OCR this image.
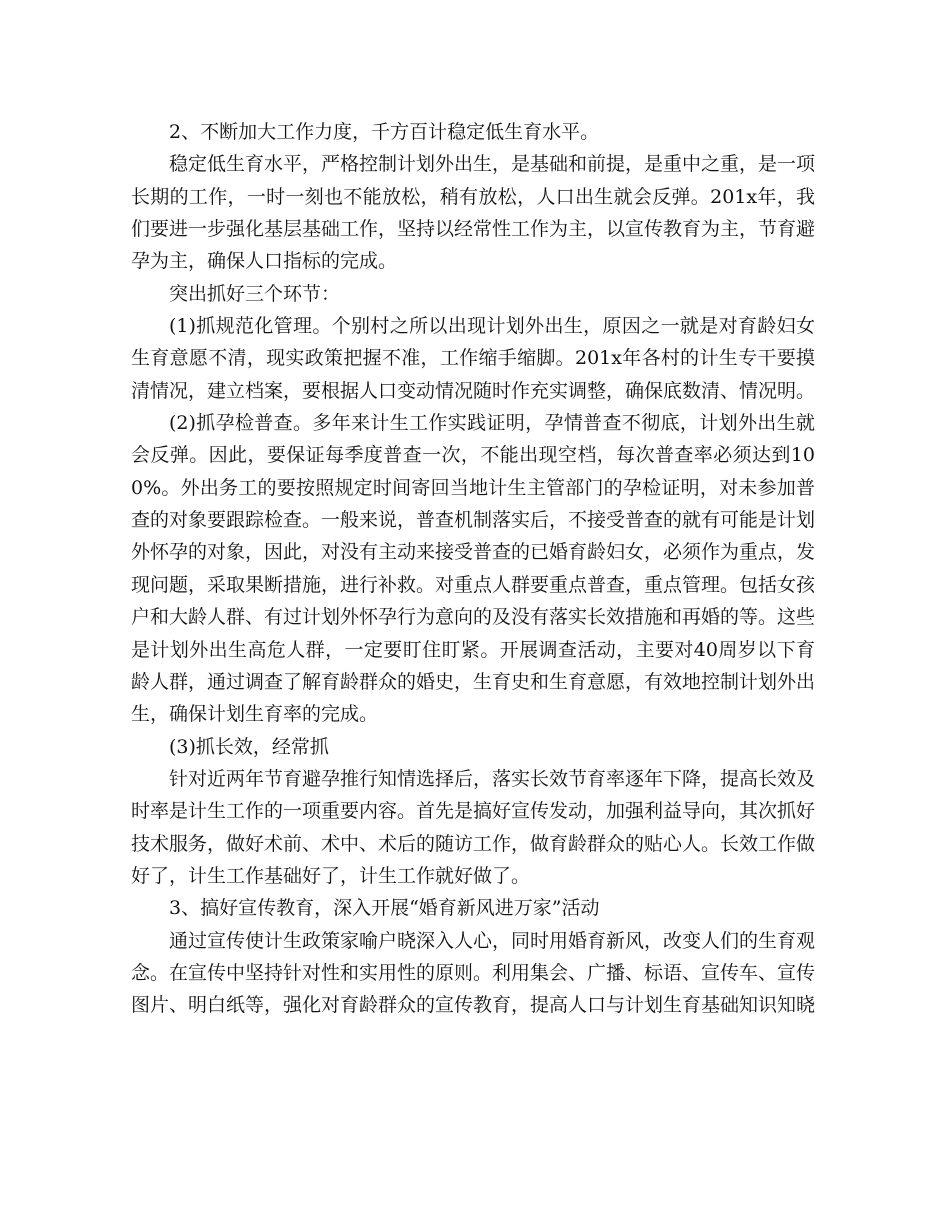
2、不断加大工作力度，千方百计稳定低生育水平。

稳定低生育水平，严格控制计划外出生，是基础和前提，是重中之重，是一项长期的工作，一时一刻也不能放松，稍有放松，人口出生就会反弹。201x年，我们要进一步强化基层基础工作，坚持以经常性工作为主，以宣传教育为主，节育避孕为主，确保人口指标的完成。

突出抓好三个环节：

(1)抓规范化管理。个别村之所以出现计划外出生，原因之一就是对育龄妇女生育意愿不清，现实政策把握不准，工作缩手缩脚。201x年各村的计生专干要摸清情况，建立档案，要根据人口变动情况随时作充实调整，确保底数清、情况明。

(2)抓孕检普查。多年来计生工作实践证明，孕情普查不彻底，计划外出生就会反弹。因此，要保证每季度普查一次，不能出现空档，每次普查率必须达到100%。外出务工的要按照规定时间寄回当地计生主管部门的孕检证明，对未参加普查的对象要跟踪检查。一般来说，普查机制落实后，不接受普查的就有可能是计划外怀孕的对象，因此，对没有主动来接受普查的已婚育龄妇女，必须作为重点，发现问题，采取果断措施，进行补救。对重点人群要重点普查，重点管理。包括女孩户和大龄人群、有过计划外怀孕行为意向的及没有落实长效措施和再婚的等。这些是计划外出生高危人群，一定要盯住盯紧。开展调查活动，主要对40周岁以下育龄人群，通过调查了解育龄群众的婚史，生育史和生育意愿，有效地控制计划外出生，确保计划生育率的完成。

(3)抓长效，经常抓

针对近两年节育避孕推行知情选择后，落实长效节育率逐年下降，提高长效及时率是计生工作的一项重要内容。首先是搞好宣传发动，加强利益导向，其次抓好技术服务，做好术前、术中、术后的随访工作，做育龄群众的贴心人。长效工作做好了，计生工作基础好了，计生工作就好做了。

3、搞好宣传教育，深入开展“婚育新风进万家”活动

通过宣传使计生政策家喻户晓深入人心，同时用婚育新风，改变人们的生育观念。在宣传中坚持针对性和实用性的原则。利用集会、广播、标语、宣传车、宣传图片、明白纸等，强化对育龄群众的宣传教育，提高人口与计划生育基础知识知晓
